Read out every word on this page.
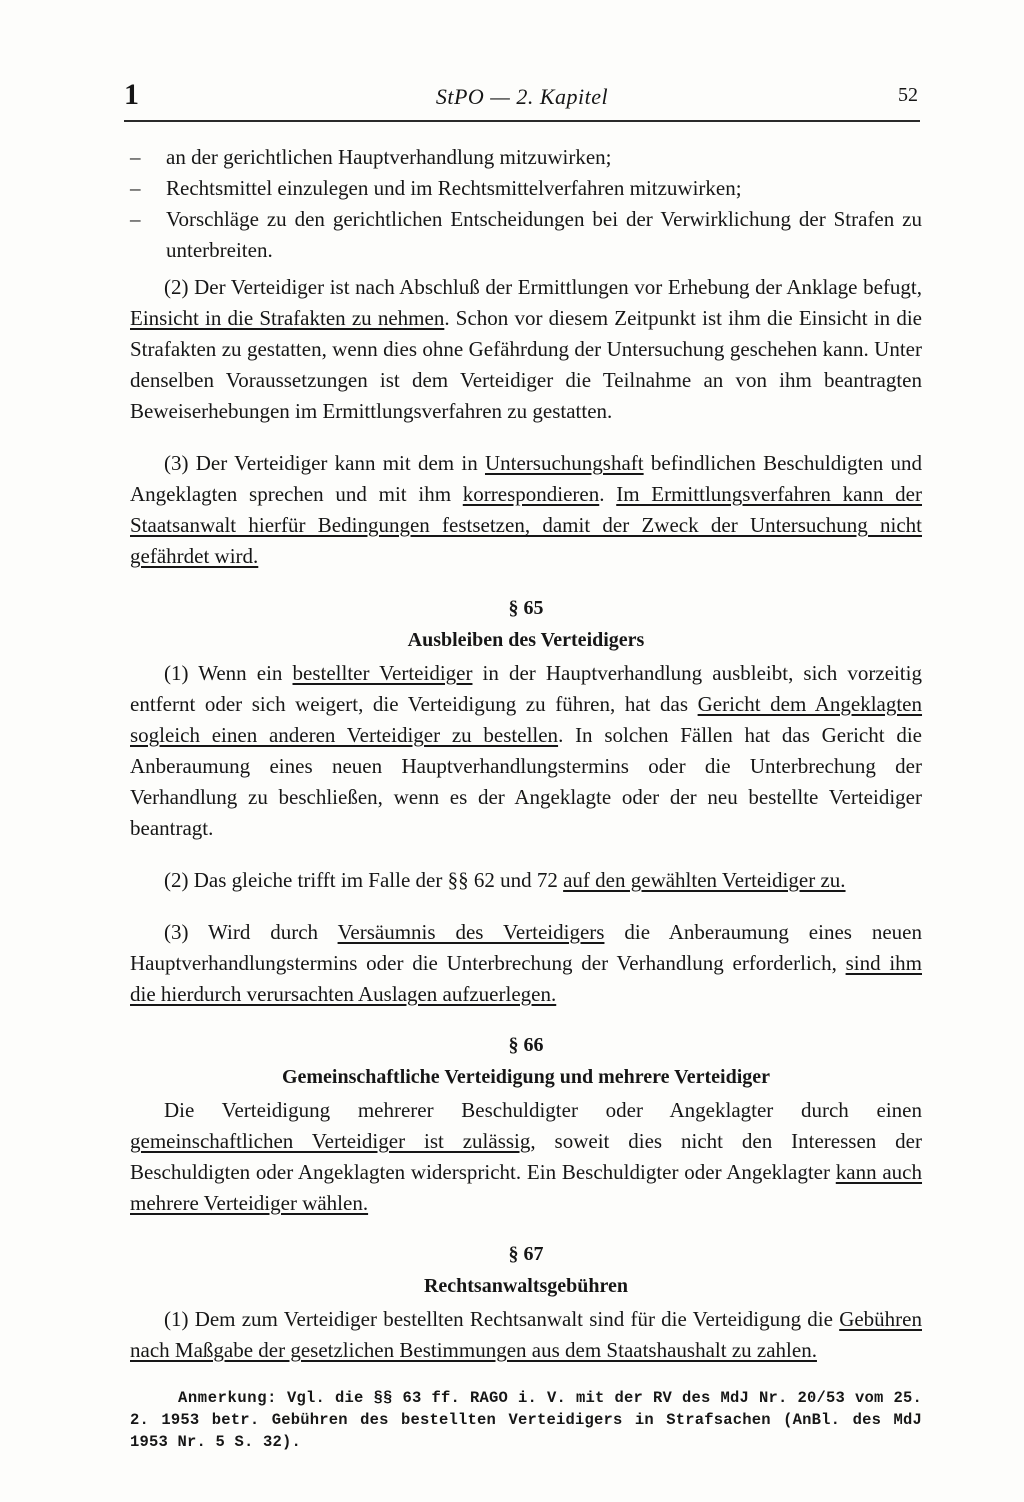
1	StPO — 2. Kapitel	52
– an der gerichtlichen Hauptverhandlung mitzuwirken;
– Rechtsmittel einzulegen und im Rechtsmittelverfahren mitzuwirken;
– Vorschläge zu den gerichtlichen Entscheidungen bei der Verwirklichung der Strafen zu unterbreiten.

(2) Der Verteidiger ist nach Abschluß der Ermittlungen vor Erhebung der Anklage befugt, Einsicht in die Strafakten zu nehmen. Schon vor diesem Zeitpunkt ist ihm die Einsicht in die Strafakten zu gestatten, wenn dies ohne Gefährdung der Untersuchung geschehen kann. Unter denselben Voraussetzungen ist dem Verteidiger die Teilnahme an von ihm beantragten Beweiserhebungen im Ermittlungsverfahren zu gestatten.

(3) Der Verteidiger kann mit dem in Untersuchungshaft befindlichen Beschuldigten und Angeklagten sprechen und mit ihm korrespondieren. Im Ermittlungsverfahren kann der Staatsanwalt hierfür Bedingungen festsetzen, damit der Zweck der Untersuchung nicht gefährdet wird.

§ 65
Ausbleiben des Verteidigers

(1) Wenn ein bestellter Verteidiger in der Hauptverhandlung ausbleibt, sich vorzeitig entfernt oder sich weigert, die Verteidigung zu führen, hat das Gericht dem Angeklagten sogleich einen anderen Verteidiger zu bestellen. In solchen Fällen hat das Gericht die Anberaumung eines neuen Hauptverhandlungstermins oder die Unterbrechung der Verhandlung zu beschließen, wenn es der Angeklagte oder der neu bestellte Verteidiger beantragt.

(2) Das gleiche trifft im Falle der §§ 62 und 72 auf den gewählten Verteidiger zu.

(3) Wird durch Versäumnis des Verteidigers die Anberaumung eines neuen Hauptverhandlungstermins oder die Unterbrechung der Verhandlung erforderlich, sind ihm die hierdurch verursachten Auslagen aufzuerlegen.

§ 66
Gemeinschaftliche Verteidigung und mehrere Verteidiger

Die Verteidigung mehrerer Beschuldigter oder Angeklagter durch einen gemeinschaftlichen Verteidiger ist zulässig, soweit dies nicht den Interessen der Beschuldigten oder Angeklagten widerspricht. Ein Beschuldigter oder Angeklagter kann auch mehrere Verteidiger wählen.

§ 67
Rechtsanwaltsgebühren

(1) Dem zum Verteidiger bestellten Rechtsanwalt sind für die Verteidigung die Gebühren nach Maßgabe der gesetzlichen Bestimmungen aus dem Staatshaushalt zu zahlen.

Anmerkung: Vgl. die §§ 63 ff. RAGO i. V. mit der RV des MdJ Nr. 20/53 vom 25. 2. 1953 betr. Gebühren des bestellten Verteidigers in Strafsachen (AnBl. des MdJ 1953 Nr. 5 S. 32).
